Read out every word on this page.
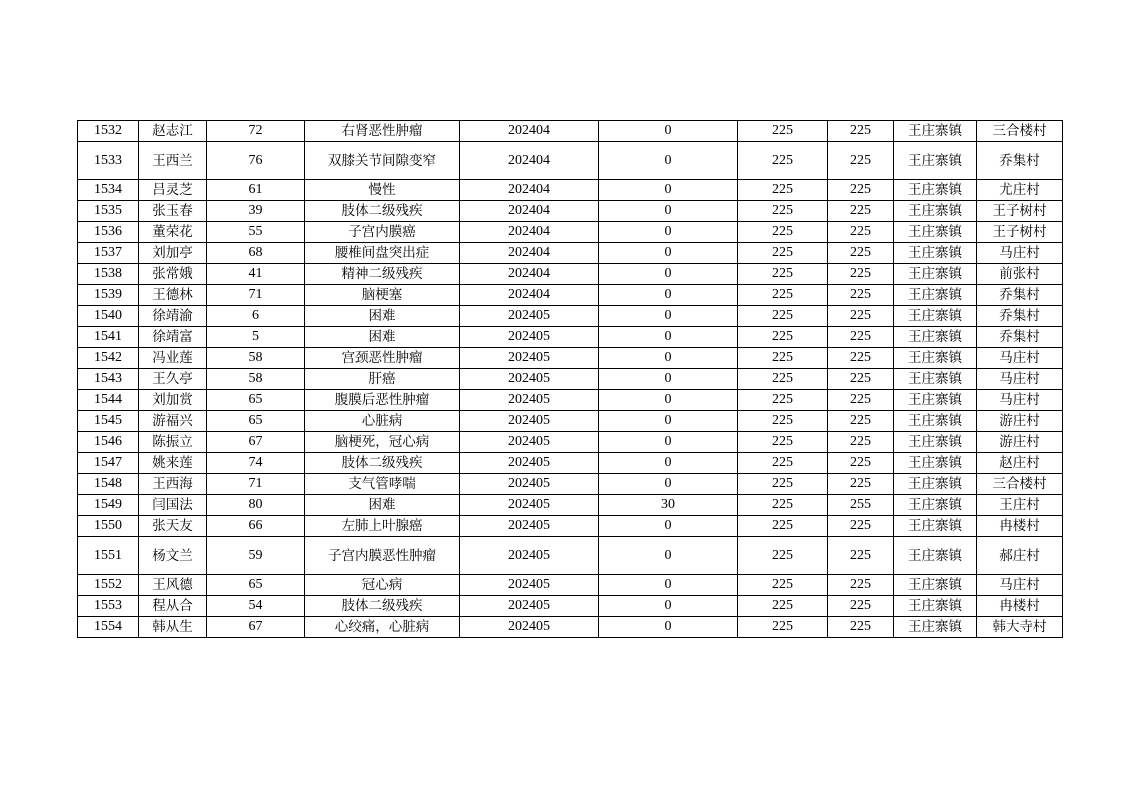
1532	赵志江	72	右肾恶性肿瘤	202404	0	225	225	王庄寨镇	三合楼村
1533	王西兰	76	双膝关节间隙变窄	202404	0	225	225	王庄寨镇	乔集村
1534	吕灵芝	61	慢性	202404	0	225	225	王庄寨镇	尤庄村
1535	张玉春	39	肢体二级残疾	202404	0	225	225	王庄寨镇	王子树村
1536	董荣花	55	子宫内膜癌	202404	0	225	225	王庄寨镇	王子树村
1537	刘加亭	68	腰椎间盘突出症	202404	0	225	225	王庄寨镇	马庄村
1538	张常娥	41	精神二级残疾	202404	0	225	225	王庄寨镇	前张村
1539	王德林	71	脑梗塞	202404	0	225	225	王庄寨镇	乔集村
1540	徐靖渝	6	困难	202405	0	225	225	王庄寨镇	乔集村
1541	徐靖富	5	困难	202405	0	225	225	王庄寨镇	乔集村
1542	冯业莲	58	宫颈恶性肿瘤	202405	0	225	225	王庄寨镇	马庄村
1543	王久亭	58	肝癌	202405	0	225	225	王庄寨镇	马庄村
1544	刘加赏	65	腹膜后恶性肿瘤	202405	0	225	225	王庄寨镇	马庄村
1545	游福兴	65	心脏病	202405	0	225	225	王庄寨镇	游庄村
1546	陈振立	67	脑梗死，冠心病	202405	0	225	225	王庄寨镇	游庄村
1547	姚来莲	74	肢体二级残疾	202405	0	225	225	王庄寨镇	赵庄村
1548	王西海	71	支气管哮喘	202405	0	225	225	王庄寨镇	三合楼村
1549	闫国法	80	困难	202405	30	225	255	王庄寨镇	王庄村
1550	张天友	66	左肺上叶腺癌	202405	0	225	225	王庄寨镇	冉楼村
1551	杨文兰	59	子宫内膜恶性肿瘤	202405	0	225	225	王庄寨镇	郝庄村
1552	王风德	65	冠心病	202405	0	225	225	王庄寨镇	马庄村
1553	程从合	54	肢体二级残疾	202405	0	225	225	王庄寨镇	冉楼村
1554	韩从生	67	心绞痛，心脏病	202405	0	225	225	王庄寨镇	韩大寺村
